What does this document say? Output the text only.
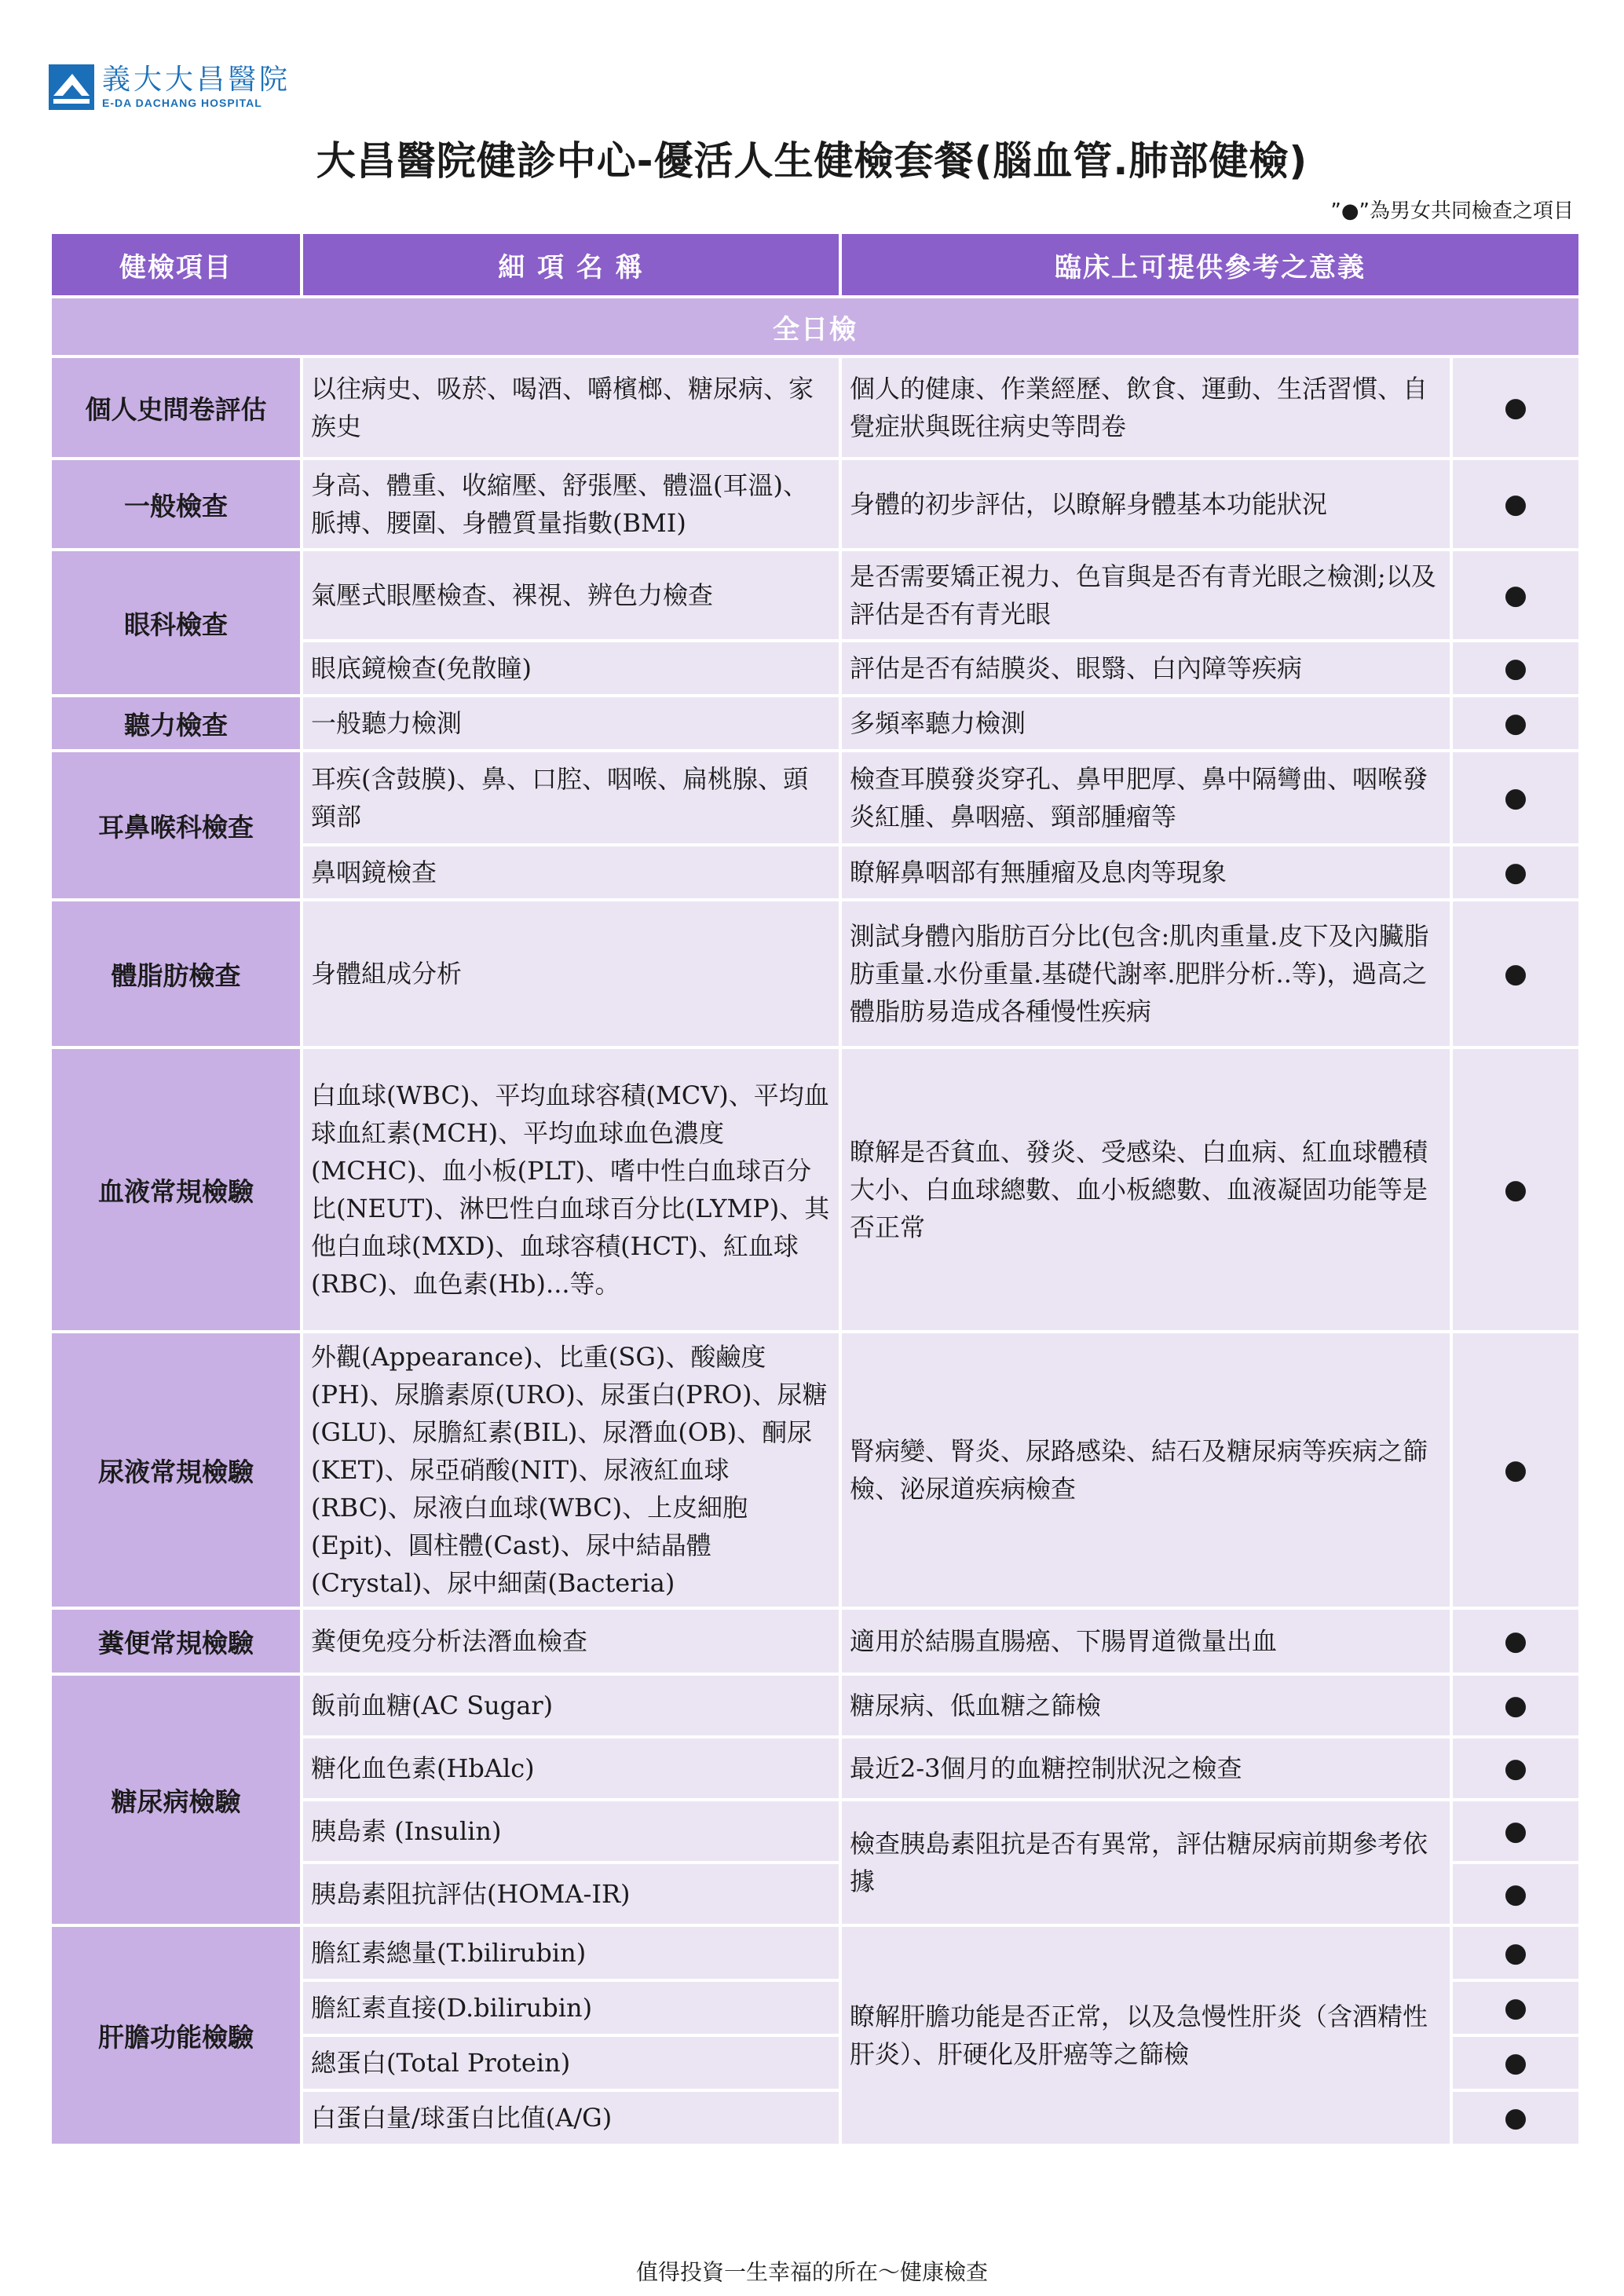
義大大昌醫院
E-DA DACHANG HOSPITAL
大昌醫院健診中心-優活人生健檢套餐(腦血管.肺部健檢)
”●”為男女共同檢查之項目
健檢項目	細 項 名 稱	臨床上可提供參考之意義	
全日檢			
個人史問卷評估	以往病史、吸菸、喝酒、嚼檳榔、糖尿病、家族史	個人的健康、作業經歷、飲食、運動、生活習慣、自覺症狀與既往病史等問卷	●
一般檢查	身高、體重、收縮壓、舒張壓、體溫(耳溫)、脈搏、腰圍、身體質量指數(BMI)	身體的初步評估，以瞭解身體基本功能狀況	●
眼科檢查	氣壓式眼壓檢查、裸視、辨色力檢查	是否需要矯正視力、色盲與是否有青光眼之檢測;以及評估是否有青光眼	●
	眼底鏡檢查(免散瞳)	評估是否有結膜炎、眼翳、白內障等疾病	●
聽力檢查	一般聽力檢測	多頻率聽力檢測	●
耳鼻喉科檢查	耳疾(含鼓膜)、鼻、口腔、咽喉、扁桃腺、頭頸部	檢查耳膜發炎穿孔、鼻甲肥厚、鼻中隔彎曲、咽喉發炎紅腫、鼻咽癌、頸部腫瘤等	●
	鼻咽鏡檢查	瞭解鼻咽部有無腫瘤及息肉等現象	●
體脂肪檢查	身體組成分析	測試身體內脂肪百分比(包含:肌肉重量.皮下及內臟脂肪重量.水份重量.基礎代謝率.肥胖分析..等)，過高之體脂肪易造成各種慢性疾病	●
血液常規檢驗	白血球(WBC)、平均血球容積(MCV)、平均血球血紅素(MCH)、平均血球血色濃度(MCHC)、血小板(PLT)、嗜中性白血球百分比(NEUT)、淋巴性白血球百分比(LYMP)、其他白血球(MXD)、血球容積(HCT)、紅血球(RBC)、血色素(Hb)...等。	瞭解是否貧血、發炎、受感染、白血病、紅血球體積大小、白血球總數、血小板總數、血液凝固功能等是否正常	●
尿液常規檢驗	外觀(Appearance)、比重(SG)、酸鹼度(PH)、尿膽素原(URO)、尿蛋白(PRO)、尿糖(GLU)、尿膽紅素(BIL)、尿潛血(OB)、酮尿(KET)、尿亞硝酸(NIT)、尿液紅血球(RBC)、尿液白血球(WBC)、上皮細胞(Epit)、圓柱體(Cast)、尿中結晶體(Crystal)、尿中細菌(Bacteria)	腎病變、腎炎、尿路感染、結石及糖尿病等疾病之篩檢、泌尿道疾病檢查	●
糞便常規檢驗	糞便免疫分析法潛血檢查	適用於結腸直腸癌、下腸胃道微量出血	●
糖尿病檢驗	飯前血糖(AC Sugar)	糖尿病、低血糖之篩檢	●
	糖化血色素(HbAlc)	最近2-3個月的血糖控制狀況之檢查	●
	胰島素 (Insulin)	檢查胰島素阻抗是否有異常，評估糖尿病前期參考依據	●
	胰島素阻抗評估(HOMA-IR)		●
肝膽功能檢驗	膽紅素總量(T.bilirubin)	瞭解肝膽功能是否正常，以及急慢性肝炎（含酒精性肝炎）、肝硬化及肝癌等之篩檢	●
	膽紅素直接(D.bilirubin)		●
	總蛋白(Total Protein)		●
	白蛋白量/球蛋白比值(A/G)		●
值得投資一生幸福的所在～健康檢查
